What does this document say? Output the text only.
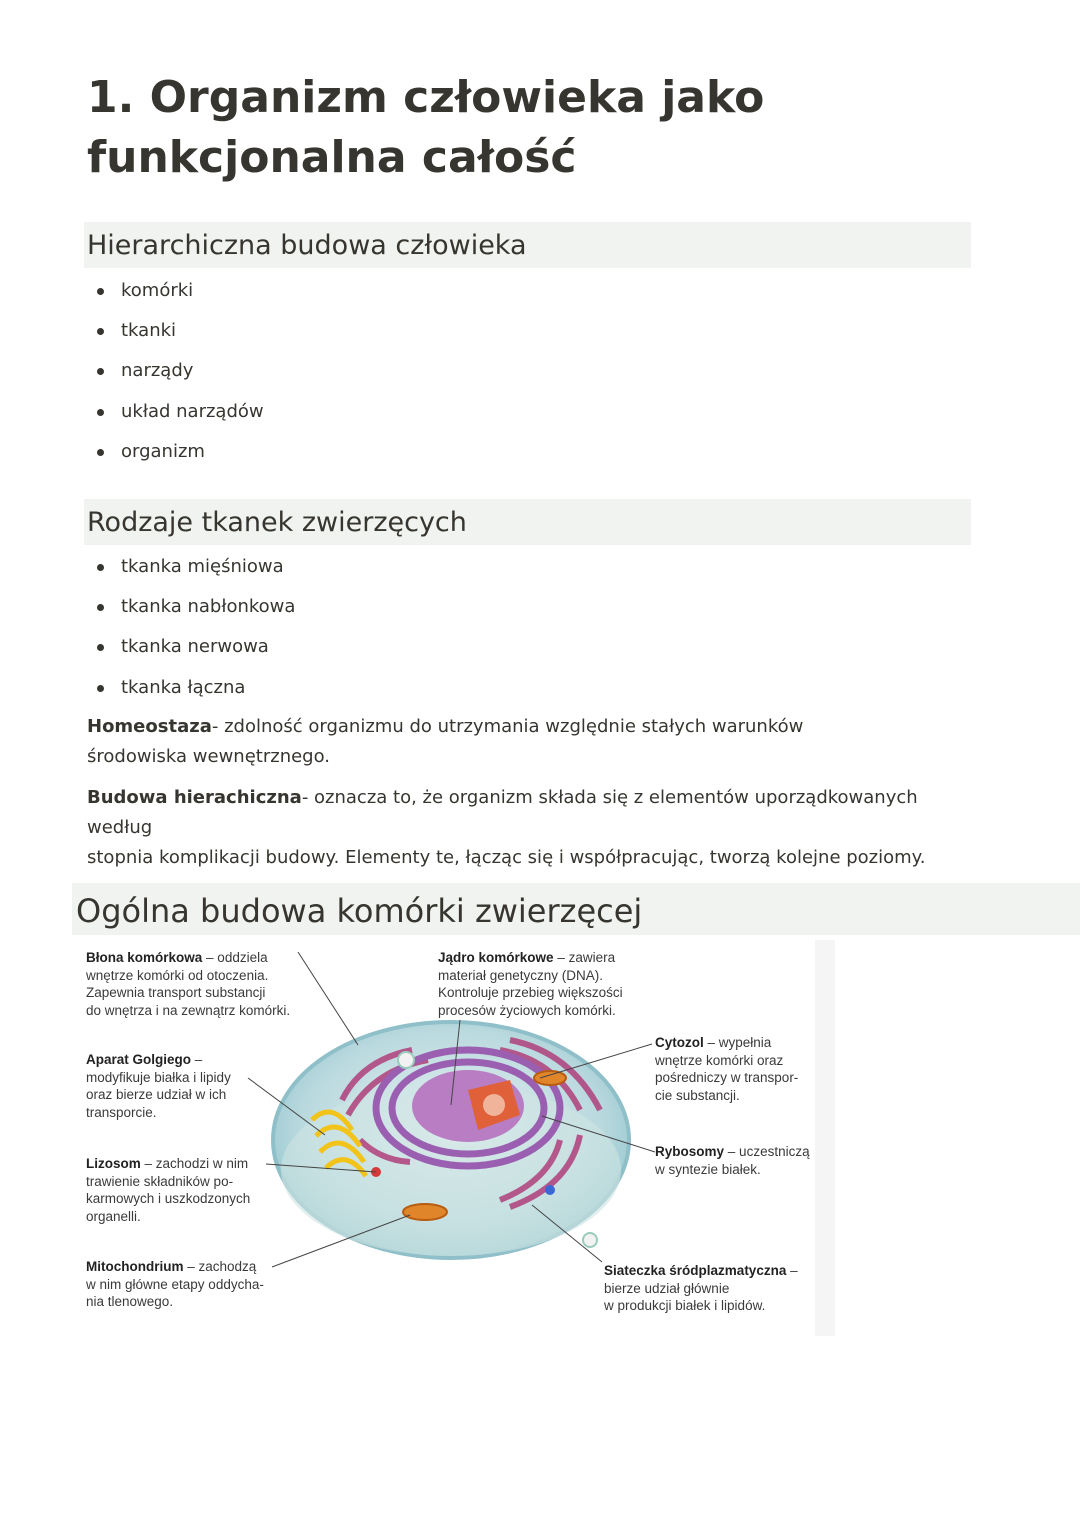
1. Organizm człowieka jako
funkcjonalna całość
Hierarchiczna budowa człowieka
komórki
tkanki
narządy
układ narządów
organizm
Rodzaje tkanek zwierzęcych
tkanka mięśniowa
tkanka nabłonkowa
tkanka nerwowa
tkanka łączna

Homeostaza- zdolność organizmu do utrzymania względnie stałych warunków
środowiska wewnętrznego.

Budowa hierachiczna- oznacza to, że organizm składa się z elementów uporządkowanych według
stopnia komplikacji budowy. Elementy te, łącząc się i współpracując, tworzą kolejne poziomy.

Ogólna budowa komórki zwierzęcej
Błona komórkowa – oddziela
wnętrze komórki od otoczenia.
Zapewnia transport substancji
do wnętrza i na zewnątrz komórki.
Jądro komórkowe – zawiera
materiał genetyczny (DNA).
Kontroluje przebieg większości
procesów życiowych komórki.
Aparat Golgiego –
modyfikuje białka i lipidy
oraz bierze udział w ich
transporcie.
Cytozol – wypełnia
wnętrze komórki oraz
pośredniczy w transpor-
cie substancji.
Lizosom – zachodzi w nim
trawienie składników po-
karmowych i uszkodzonych
organelli.
Rybosomy – uczestniczą
w syntezie białek.
Mitochondrium – zachodzą
w nim główne etapy oddycha-
nia tlenowego.
Siateczka śródplazmatyczna –
bierze udział głównie
w produkcji białek i lipidów.
